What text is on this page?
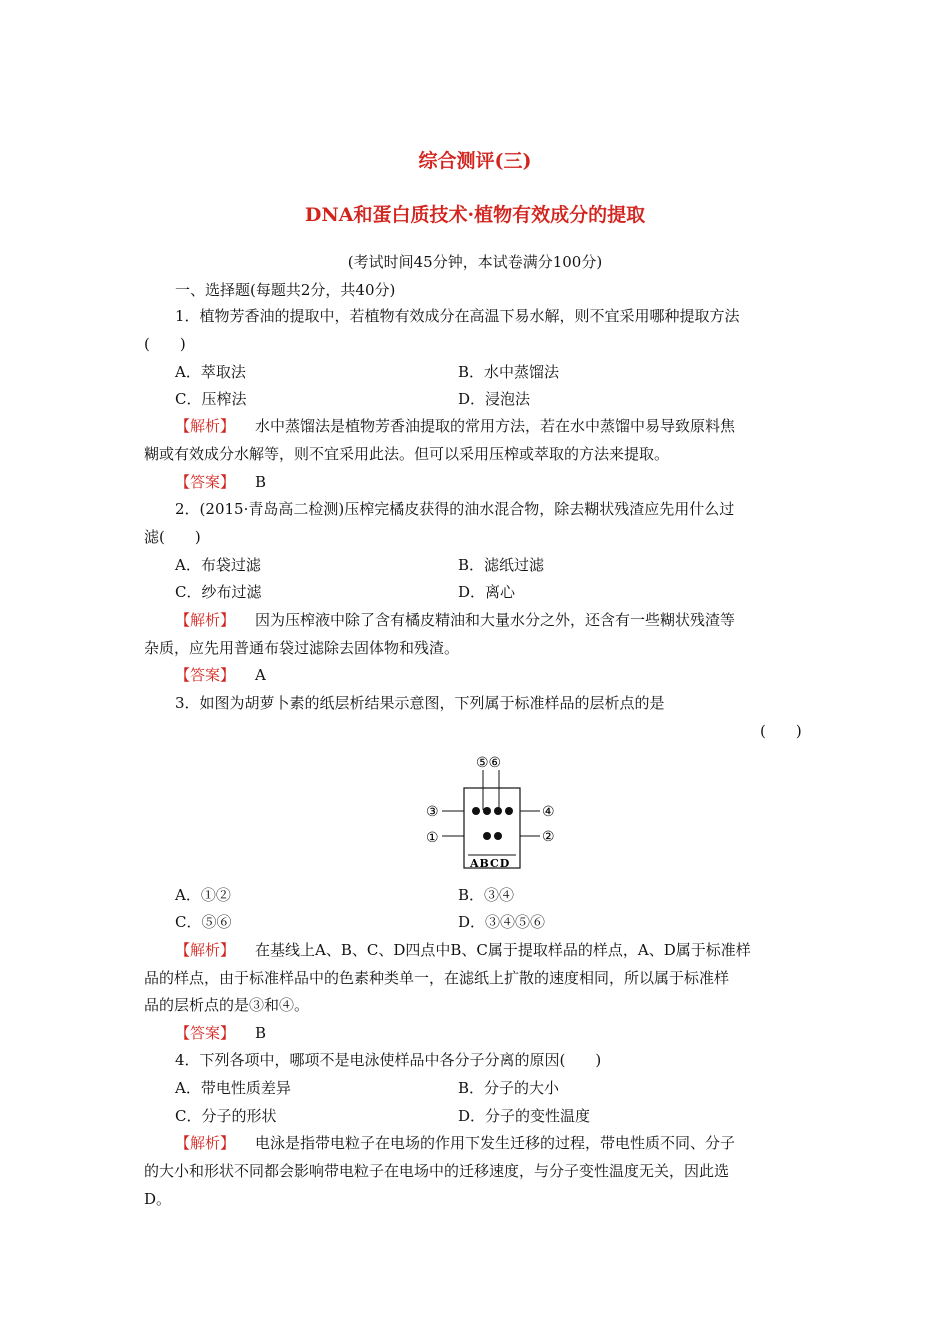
综合测评(三)
DNA和蛋白质技术·植物有效成分的提取
(考试时间45分钟，本试卷满分100分)
一、选择题(每题共2分，共40分)
1．植物芳香油的提取中，若植物有效成分在高温下易水解，则不宜采用哪种提取方法
(　　)
A．萃取法	B．水中蒸馏法
C．压榨法	D．浸泡法
【解析】 水中蒸馏法是植物芳香油提取的常用方法，若在水中蒸馏中易导致原料焦
糊或有效成分水解等，则不宜采用此法。但可以采用压榨或萃取的方法来提取。
【答案】 B
2．(2015·青岛高二检测)压榨完橘皮获得的油水混合物，除去糊状残渣应先用什么过
滤(　　)
A．布袋过滤	B．滤纸过滤
C．纱布过滤	D．离心
【解析】 因为压榨液中除了含有橘皮精油和大量水分之外，还含有一些糊状残渣等
杂质，应先用普通布袋过滤除去固体物和残渣。
【答案】 A
3．如图为胡萝卜素的纸层析结果示意图，下列属于标准样品的层析点的是
(　　)
⑤⑥
③	④
①	②
ABCD
A．①②	B．③④
C．⑤⑥	D．③④⑤⑥
【解析】 在基线上A、B、C、D四点中B、C属于提取样品的样点，A、D属于标准样
品的样点，由于标准样品中的色素种类单一，在滤纸上扩散的速度相同，所以属于标准样
品的层析点的是③和④。
【答案】 B
4．下列各项中，哪项不是电泳使样品中各分子分离的原因(　　)
A．带电性质差异	B．分子的大小
C．分子的形状	D．分子的变性温度
【解析】 电泳是指带电粒子在电场的作用下发生迁移的过程，带电性质不同、分子
的大小和形状不同都会影响带电粒子在电场中的迁移速度，与分子变性温度无关，因此选
D。
